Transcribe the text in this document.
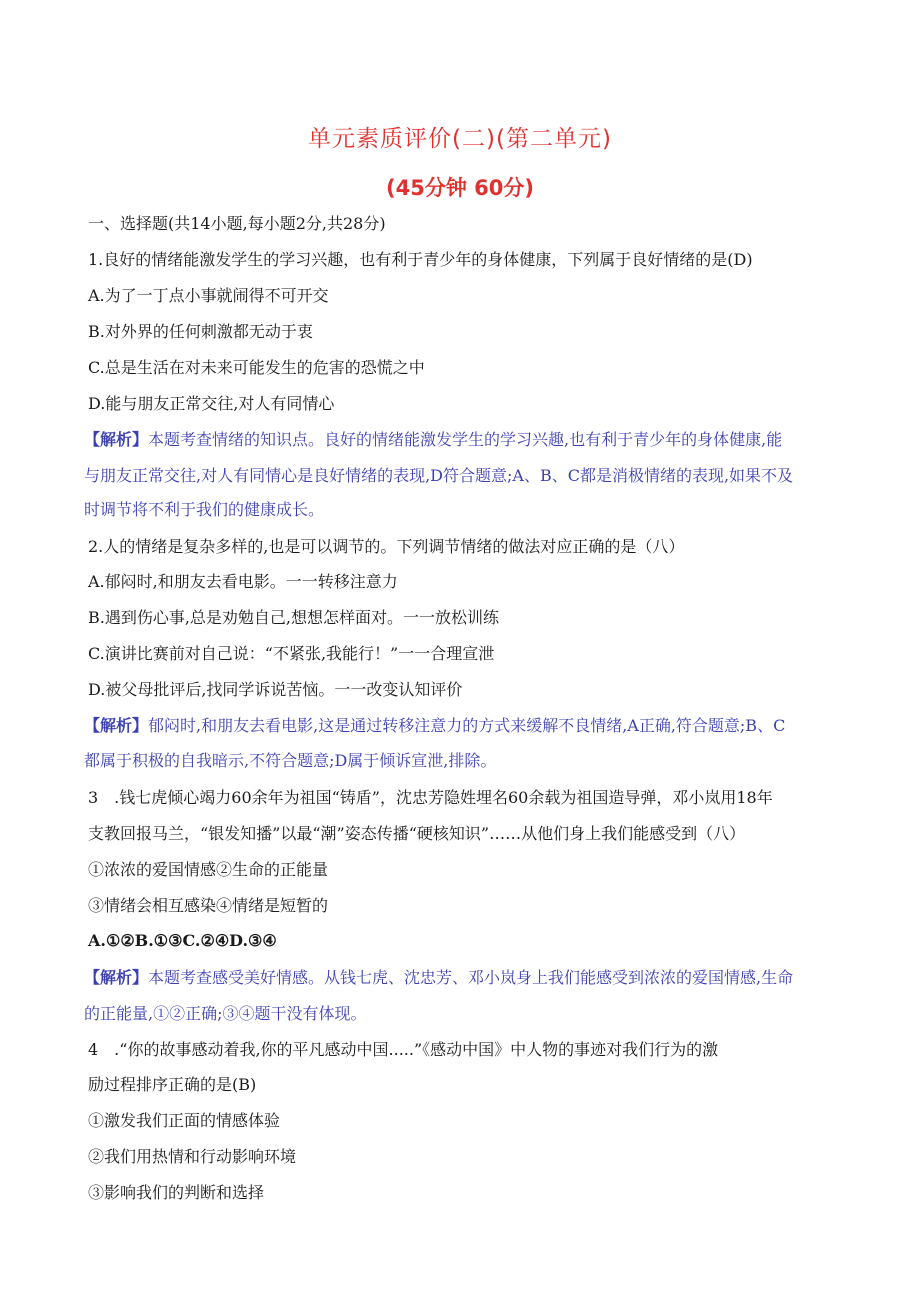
单元素质评价(二)(第二单元)
(45分钟 60分)
一、选择题(共14小题,每小题2分,共28分)
1.良好的情绪能激发学生的学习兴趣，也有利于青少年的身体健康，下列属于良好情绪的是(D)
A.为了一丁点小事就闹得不可开交
B.对外界的任何刺激都无动于衷
C.总是生活在对未来可能发生的危害的恐慌之中
D.能与朋友正常交往,对人有同情心
【解析】本题考查情绪的知识点。良好的情绪能激发学生的学习兴趣,也有利于青少年的身体健康,能
与朋友正常交往,对人有同情心是良好情绪的表现,D符合题意;A、B、C都是消极情绪的表现,如果不及
时调节将不利于我们的健康成长。
2.人的情绪是复杂多样的,也是可以调节的。下列调节情绪的做法对应正确的是（八）
A.郁闷时,和朋友去看电影。一一转移注意力
B.遇到伤心事,总是劝勉自己,想想怎样面对。一一放松训练
C.演讲比赛前对自己说：“不紧张,我能行！”一一合理宣泄
D.被父母批评后,找同学诉说苦恼。一一改变认知评价
【解析】郁闷时,和朋友去看电影,这是通过转移注意力的方式来缓解不良情绪,A正确,符合题意;B、C
都属于积极的自我暗示,不符合题意;D属于倾诉宣泄,排除。
3　.钱七虎倾心竭力60余年为祖国“铸盾”，沈忠芳隐姓埋名60余载为祖国造导弹，邓小岚用18年
支教回报马兰，“银发知播”以最“潮”姿态传播“硬核知识”……从他们身上我们能感受到（八）
①浓浓的爱国情感②生命的正能量
③情绪会相互感染④情绪是短暂的
A.①②B.①③C.②④D.③④
【解析】本题考查感受美好情感。从钱七虎、沈忠芳、邓小岚身上我们能感受到浓浓的爱国情感,生命
的正能量,①②正确;③④题干没有体现。
4　.“你的故事感动着我,你的平凡感动中国.....”《感动中国》中人物的事迹对我们行为的激
励过程排序正确的是(B)
①激发我们正面的情感体验
②我们用热情和行动影响环境
③影响我们的判断和选择
